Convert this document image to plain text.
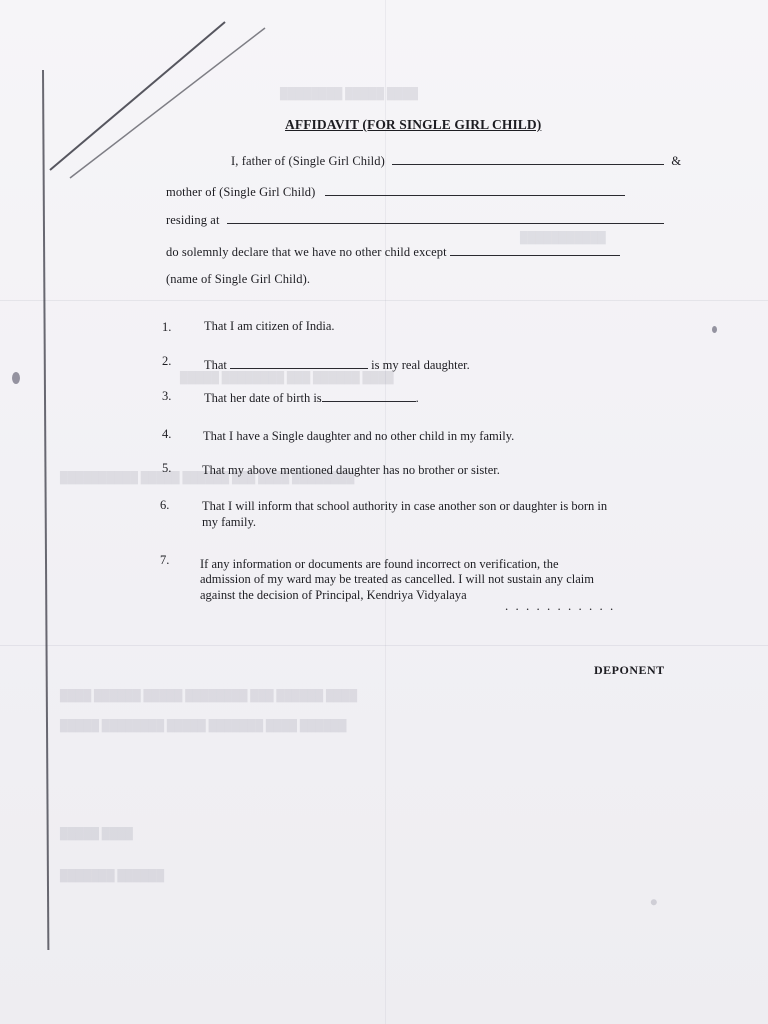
████ █████ ████████
███████████
████ ██████ ███ ████████ █████
████████ ████ ███ ██████ █████ ██████████
████ ██████ ███ ████████ █████ ██████ ████
██████ ████ ███████ █████ ████████ █████
████ █████
██████ ███████
●
AFFIDAVIT (FOR SINGLE GIRL CHILD)
I, father of (Single Girl Child)	&
mother of (Single Girl Child)
residing at
do solemnly declare that we have no other child except
(name of Single Girl Child).
1.	That I am citizen of India.
2.	That	is my real daughter.
3.	That her date of birth is	.
4.	That I have a Single daughter and no other child in my family.
5. That my above mentioned daughter has no brother or sister.
6.	That I will inform that school authority in case another son or daughter is born in
my family.
7. If any information or documents are found incorrect on verification, the
admission of my ward may be treated as cancelled. I will not sustain any claim
against the decision of Principal, Kendriya Vidyalaya
. . . . . . . . . . .
DEPONENT
